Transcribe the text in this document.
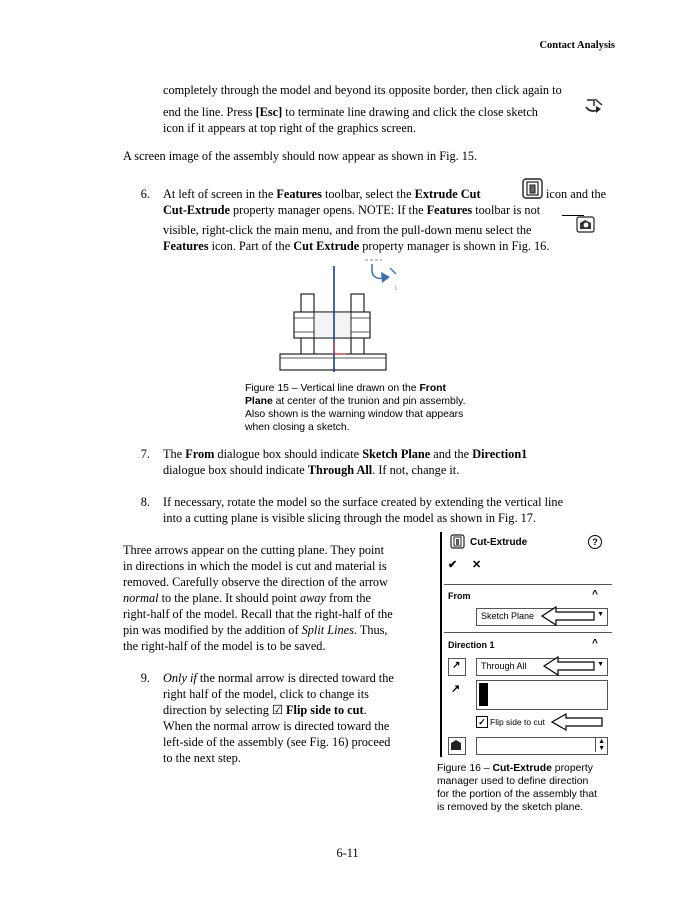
Contact Analysis
completely through the model and beyond its opposite border, then click again to
end the line. Press [Esc] to terminate line drawing and click the close sketch
icon if it appears at top right of the graphics screen.
A screen image of the assembly should now appear as shown in Fig. 15.
6. At left of screen in the Features toolbar, select the Extrude Cut	icon and the
Cut-Extrude property manager opens. NOTE: If the Features toolbar is not
visible, right-click the main menu, and from the pull-down menu select the
Features icon. Part of the Cut Extrude property manager is shown in Fig. 16.
1
Figure 15 – Vertical line drawn on the Front
Plane at center of the trunion and pin assembly.
Also shown is the warning window that appears
when closing a sketch.
7. The From dialogue box should indicate Sketch Plane and the Direction1
dialogue box should indicate Through All. If not, change it.
8. If necessary, rotate the model so the surface created by extending the vertical line
into a cutting plane is visible slicing through the model as shown in Fig. 17.
Three arrows appear on the cutting plane. They point
in directions in which the model is cut and material is
removed. Carefully observe the direction of the arrow
normal to the plane. It should point away from the
right-half of the model. Recall that the right-half of the
pin was modified by the addition of Split Lines. Thus,
the right-half of the model is to be saved.
9. Only if the normal arrow is directed toward the
right half of the model, click to change its
direction by selecting ☑ Flip side to cut.
When the normal arrow is directed toward the
left-side of the assembly (see Fig. 16) proceed
to the next step.
Cut-Extrude	?
✔ ✕
From	^
Sketch Plane	▼
Direction 1	^
↗ Through All	▼
↗
✓ Flip side to cut
▲
▼
Figure 16 – Cut-Extrude property
manager used to define direction
for the portion of the assembly that
is removed by the sketch plane.
6-11
